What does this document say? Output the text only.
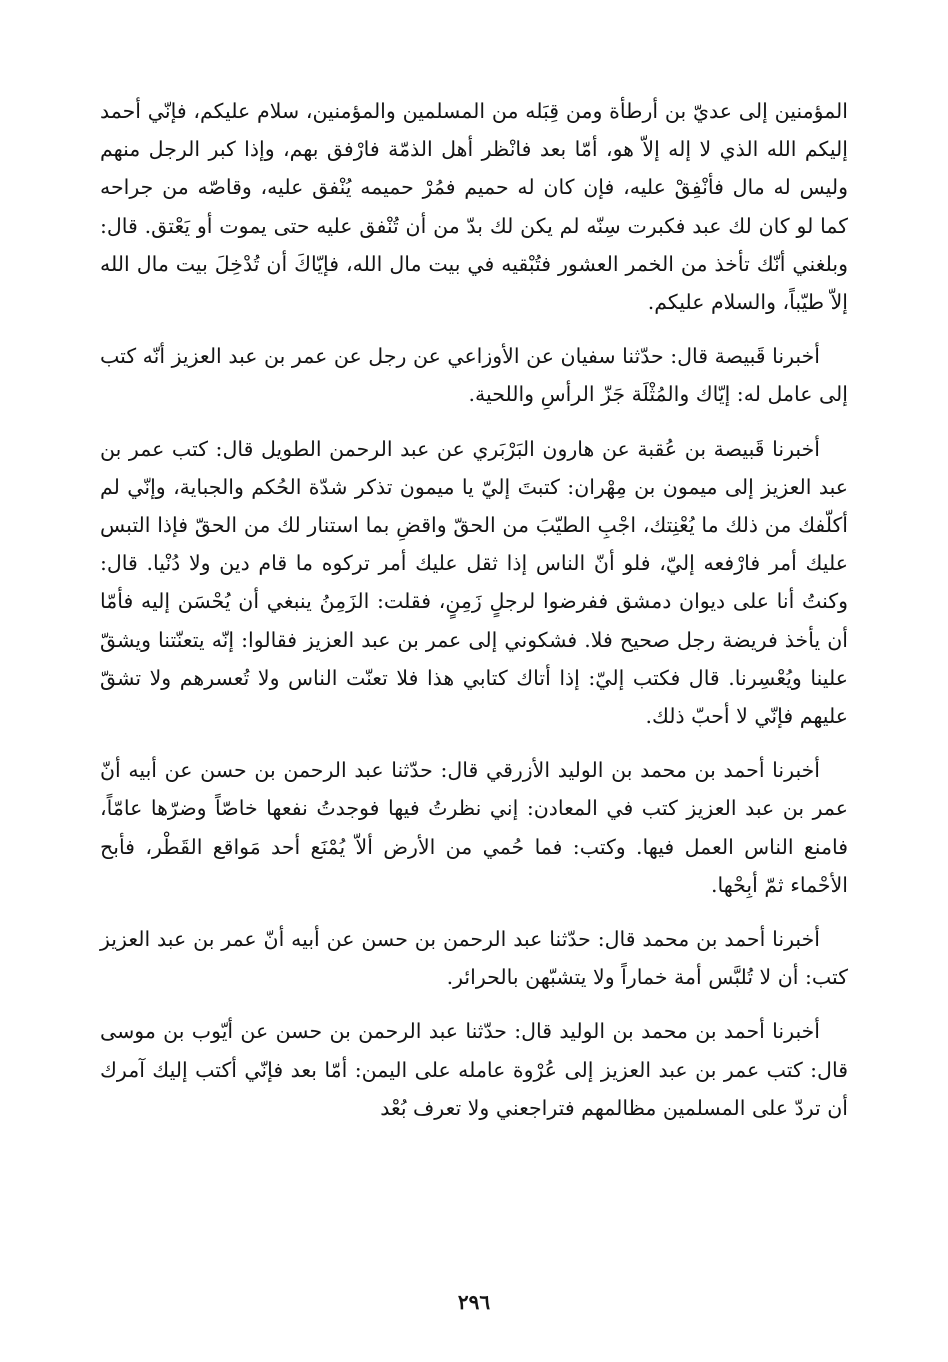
المؤمنين إلى عديّ بن أرطأة ومن قِبَله من المسلمين والمؤمنين، سلام عليكم، فإنّي أحمد إليكم الله الذي لا إله إلاّ هو، أمّا بعد فانْظر أهل الذمّة فارْفق بهم، وإذا كبر الرجل منهم وليس له مال فأنْفِقْ عليه، فإن كان له حميم فمُرْ حميمه يُنْفق عليه، وقاصّه من جراحه كما لو كان لك عبد فكبرت سِنّه لم يكن لك بدّ من أن تُنْفق عليه حتى يموت أو يَعْتق. قال: وبلغني أنّك تأخذ من الخمر العشور فتُبْقيه في بيت مال الله، فإيّاكَ أن تُدْخِلَ بيت مال الله إلاّ طيّباً، والسلام عليكم.

أخبرنا قَبيصة قال: حدّثنا سفيان عن الأوزاعي عن رجل عن عمر بن عبد العزيز أنّه كتب إلى عامل له: إيّاك والمُثْلَة جَزّ الرأسِ واللحية.

أخبرنا قَبيصة بن عُقبة عن هارون البَرْبَري عن عبد الرحمن الطويل قال: كتب عمر بن عبد العزيز إلى ميمون بن مِهْران: كتبتَ إليّ يا ميمون تذكر شدّة الحُكم والجباية، وإنّي لم أكلّفك من ذلك ما يُعْنِتك، اجْبِ الطيّبَ من الحقّ واقضِ بما استنار لك من الحقّ فإذا التبس عليك أمر فارْفعه إليّ، فلو أنّ الناس إذا ثقل عليك أمر تركوه ما قام دين ولا دُنْيا. قال: وكنتُ أنا على ديوان دمشق ففرضوا لرجلٍ زَمِنٍ، فقلت: الزَمِنُ ينبغي أن يُحْسَن إليه فأمّا أن يأخذ فريضة رجل صحيح فلا. فشكوني إلى عمر بن عبد العزيز فقالوا: إنّه يتعنّتنا ويشقّ علينا ويُعْسِرنا. قال فكتب إليّ: إذا أتاك كتابي هذا فلا تعنّت الناس ولا تُعسرهم ولا تشقّ عليهم فإنّي لا أحبّ ذلك.

أخبرنا أحمد بن محمد بن الوليد الأزرقي قال: حدّثنا عبد الرحمن بن حسن عن أبيه أنّ عمر بن عبد العزيز كتب في المعادن: إني نظرتُ فيها فوجدتُ نفعها خاصّاً وضرّها عامّاً، فامنع الناس العمل فيها. وكتب: فما حُمي من الأرض ألاّ يُمْنَع أحد مَواقع القَطْر، فأبح الأحْماء ثمّ أبِحْها.

أخبرنا أحمد بن محمد قال: حدّثنا عبد الرحمن بن حسن عن أبيه أنّ عمر بن عبد العزيز كتب: أن لا تُلبَّس أمة خماراً ولا يتشبّهن بالحرائر.

أخبرنا أحمد بن محمد بن الوليد قال: حدّثنا عبد الرحمن بن حسن عن أيّوب بن موسى قال: كتب عمر بن عبد العزيز إلى عُرْوة عامله على اليمن: أمّا بعد فإنّي أكتب إليك آمرك أن تردّ على المسلمين مظالمهم فتراجعني ولا تعرف بُعْد

٢٩٦
